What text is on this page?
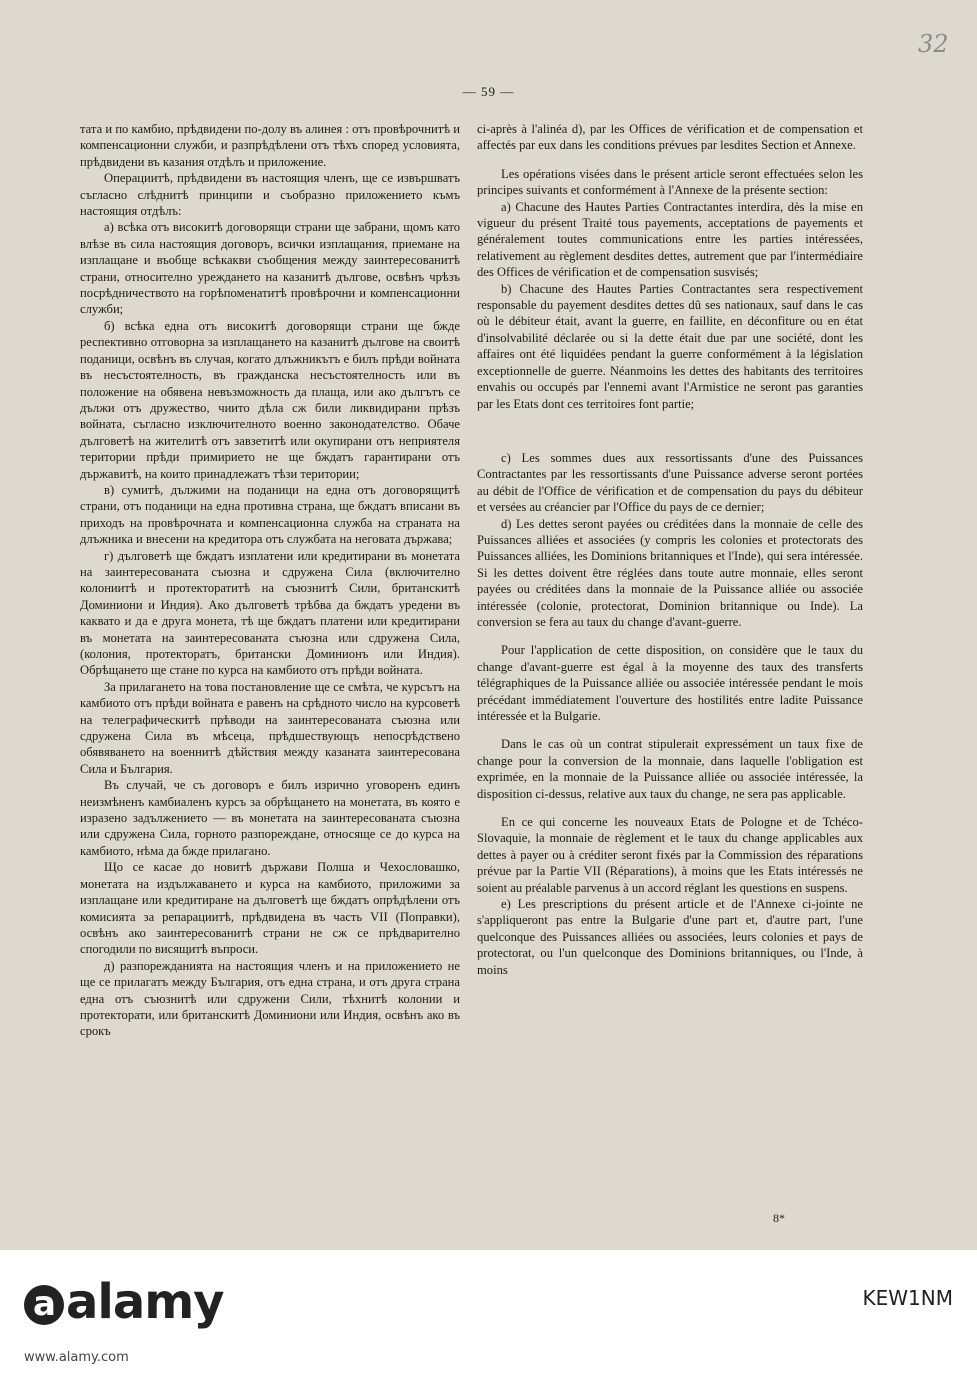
32
— 59 —

тата и по камбио, прѣдвидени по-долу въ алинея : отъ провѣрочнитѣ и компенсационни служби, и разпрѣдѣлени отъ тѣхъ според условията, прѣдвидени въ казания отдѣлъ и приложение.

Операциитѣ, прѣдвидени въ настоящия членъ, ще се извършватъ съгласно слѣднитѣ принципи и съобразно приложението къмъ настоящия отдѣлъ:

а) всѣка отъ високитѣ договорящи страни ще забрани, щомъ като влѣзе въ сила настоящия договоръ, всички изплащания, приемане на изплащане и въобще всѣкакви съобщения между заинтересованитѣ страни, относително уреждането на казанитѣ дългове, освѣнъ чрѣзъ посрѣдничеството на горѣпоменатитѣ провѣрочни и компенсационни служби;

б) всѣка една отъ високитѣ договорящи страни ще бжде респективно отговорна за изплащането на казанитѣ дългове на своитѣ поданици, освѣнъ въ случая, когато длъжникътъ е билъ прѣди войната въ несъстоятелность, въ гражданска несъстоятелность или въ положение на обявена невъзможность да плаща, или ако дългътъ се дължи отъ дружество, чиито дѣла сж били ликвидирани прѣзъ войната, съгласно изключителното военно законодателство. Обаче дълговетѣ на жителитѣ отъ завзетитѣ или окупирани отъ неприятеля територии прѣди примирието не ще бждатъ гарантирани отъ държавитѣ, на които принадлежатъ тѣзи територии;

в) сумитѣ, дължими на поданици на една отъ договорящитѣ страни, отъ поданици на една противна страна, ще бждатъ вписани въ приходъ на провѣрочната и компенсационна служба на страната на длъжника и внесени на кредитора отъ службата на неговата държава;

г) дълговетѣ ще бждатъ изплатени или кредитирани въ монетата на заинтересованата съюзна и сдружена Сила (включително колониитѣ и протекторатитѣ на съюзнитѣ Сили, британскитѣ Доминиони и Индия). Ако дълговетѣ трѣбва да бждатъ уредени въ каквато и да е друга монета, тѣ ще бждатъ платени или кредитирани въ монетата на заинтересованата съюзна или сдружена Сила, (колония, протекторатъ, британски Доминионъ или Индия). Обрѣщането ще стане по курса на камбиото отъ прѣди войната.

За прилагането на това постановление ще се смѣта, че курсътъ на камбиото отъ прѣди войната е равенъ на срѣдното число на курсоветѣ на телеграфическитѣ прѣводи на заинтересованата съюзна или сдружена Сила въ мѣсеца, прѣдшествующъ непосрѣдствено обявяването на военнитѣ дѣйствия между казаната заинтересована Сила и България.

Въ случай, че съ договоръ е билъ изрично уговоренъ единъ неизмѣненъ камбиаленъ курсъ за обрѣщането на монетата, въ която е изразено задължението — въ монетата на заинтересованата съюзна или сдружена Сила, горното разпореждане, относяще се до курса на камбиото, нѣма да бжде прилагано.

Що се касае до новитѣ държави Полша и Чехословашко, монетата на издължаването и курса на камбиото, приложими за изплащане или кредитиране на дълговетѣ ще бждатъ опрѣдѣлени отъ комисията за репарациитѣ, прѣдвидена въ часть VII (Поправки), освѣнъ ако заинтересованитѣ страни не сж се прѣдварително спогодили по висящитѣ въпроси.

д) разпорежданията на настоящия членъ и на приложението не ще се прилагатъ между България, отъ една страна, и отъ друга страна една отъ съюзнитѣ или сдружени Сили, тѣхнитѣ колонии и протекторати, или британскитѣ Доминиони или Индия, освѣнъ ако въ срокъ

ci-après à l'alinéa d), par les Offices de vérification et de compensation et affectés par eux dans les conditions prévues par lesdites Section et Annexe.

Les opérations visées dans le présent article seront effectuées selon les principes suivants et conformément à l'Annexe de la présente section:

a) Chacune des Hautes Parties Contractantes interdira, dès la mise en vigueur du présent Traité tous payements, acceptations de payements et généralement toutes communications entre les parties intéressées, relativement au règlement desdites dettes, autrement que par l'intermédiaire des Offices de vérification et de compensation susvisés;

b) Chacune des Hautes Parties Contractantes sera respectivement responsable du payement desdites dettes dû ses nationaux, sauf dans le cas où le débiteur était, avant la guerre, en faillite, en déconfiture ou en état d'insolvabilité déclarée ou si la dette était due par une société, dont les affaires ont été liquidées pendant la guerre conformément à la législation exceptionnelle de guerre. Néanmoins les dettes des habitants des territoires envahis ou occupés par l'ennemi avant l'Armistice ne seront pas garanties par les Etats dont ces territoires font partie;

c) Les sommes dues aux ressortissants d'une des Puissances Contractantes par les ressortissants d'une Puissance adverse seront portées au débit de l'Office de vérification et de compensation du pays du débiteur et versées au créancier par l'Office du pays de ce dernier;

d) Les dettes seront payées ou créditées dans la monnaie de celle des Puissances alliées et associées (y compris les colonies et protectorats des Puissances alliées, les Dominions britanniques et l'Inde), qui sera intéressée. Si les dettes doivent être réglées dans toute autre monnaie, elles seront payées ou créditées dans la monnaie de la Puissance alliée ou associée intéressée (colonie, protectorat, Dominion britannique ou Inde). La conversion se fera au taux du change d'avant-guerre.

Pour l'application de cette disposition, on considère que le taux du change d'avant-guerre est égal à la moyenne des taux des transferts télégraphiques de la Puissance alliée ou associée intéressée pendant le mois précédant immédiatement l'ouverture des hostilités entre ladite Puissance intéressée et la Bulgarie.

Dans le cas où un contrat stipulerait expressément un taux fixe de change pour la conversion de la monnaie, dans laquelle l'obligation est exprimée, en la monnaie de la Puissance alliée ou associée intéressée, la disposition ci-dessus, relative aux taux du change, ne sera pas applicable.

En ce qui concerne les nouveaux Etats de Pologne et de Tchéco-Slovaquie, la monnaie de règlement et le taux du change applicables aux dettes à payer ou à créditer seront fixés par la Commission des réparations prévue par la Partie VII (Réparations), à moins que les Etats intéressés ne soient au préalable parvenus à un accord réglant les questions en suspens.

e) Les prescriptions du présent article et de l'Annexe ci-jointe ne s'appliqueront pas entre la Bulgarie d'une part et, d'autre part, l'une quelconque des Puissances alliées ou associées, leurs colonies et pays de protectorat, ou l'un quelconque des Dominions britanniques, ou l'Inde, à moins

8*
a alamy	KEW1NM
www.alamy.com
